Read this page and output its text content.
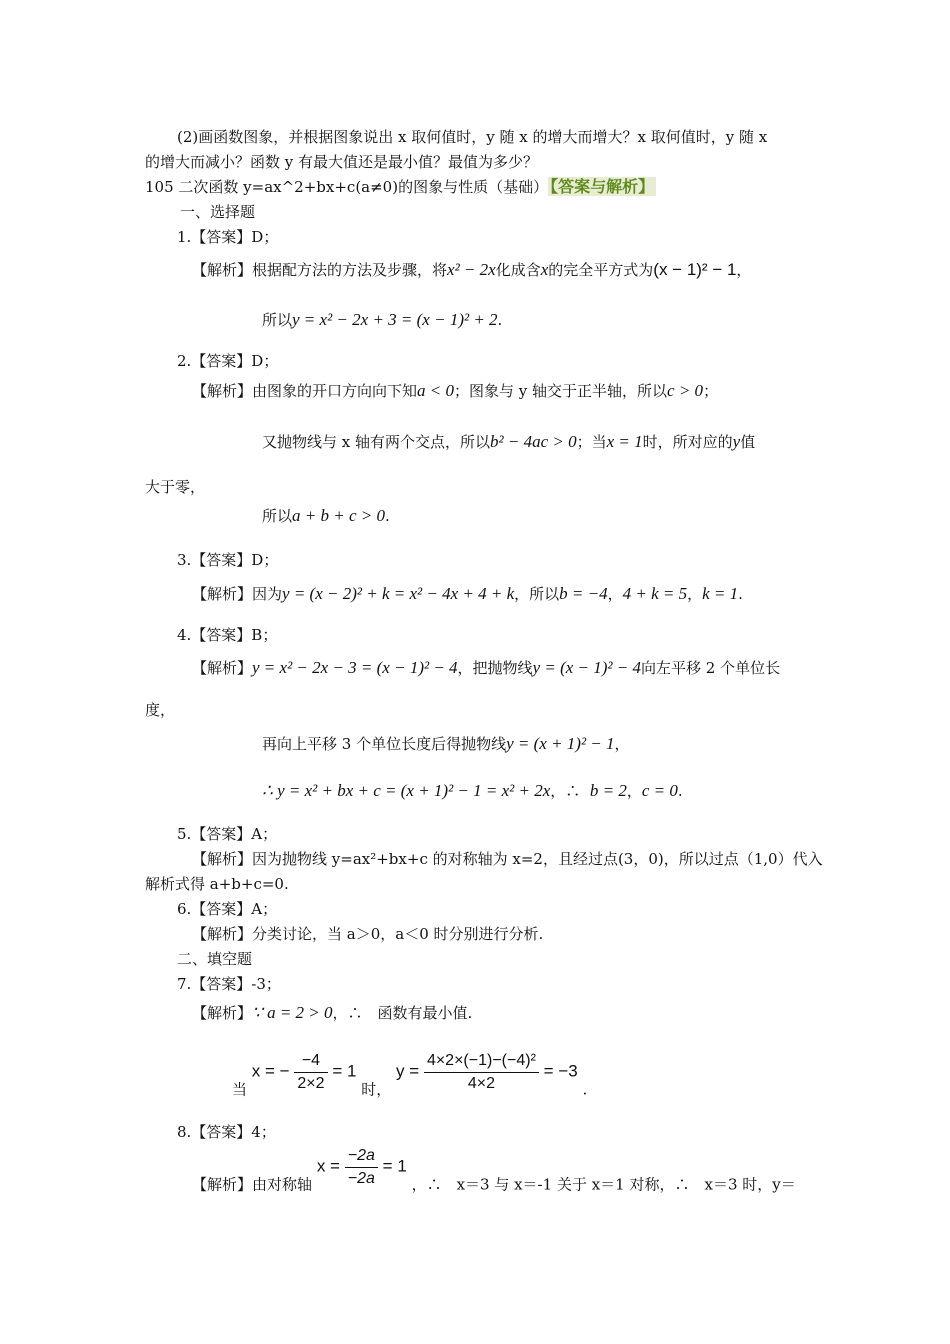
(2)画函数图象，并根据图象说出 x 取何值时，y 随 x 的增大而增大？x 取何值时，y 随 x
的增大而减小？函数 y 有最大值还是最小值？最值为多少？
105 二次函数 y=ax^2+bx+c(a≠0)的图象与性质（基础） 【答案与解析】
一、选择题
1.【答案】D；
【解析】根据配方法的方法及步骤，将x² − 2x化成含x的完全平方式为(x − 1)² − 1，
所以y = x² − 2x + 3 = (x − 1)² + 2.
2.【答案】D；
【解析】由图象的开口方向向下知a < 0；图象与 y 轴交于正半轴，所以c > 0；
又抛物线与 x 轴有两个交点，所以b² − 4ac > 0；当x = 1时，所对应的y值
大于零，
所以a + b + c > 0.
3.【答案】D；
【解析】因为y = (x − 2)² + k = x² − 4x + 4 + k，所以b = −4，4 + k = 5，k = 1.
4.【答案】B；
【解析】y = x² − 2x − 3 = (x − 1)² − 4，把抛物线y = (x − 1)² − 4向左平移 2 个单位长
度，
再向上平移 3 个单位长度后得抛物线y = (x + 1)² − 1，
∴ y = x² + bx + c = (x + 1)² − 1 = x² + 2x，∴ b = 2，c = 0.
5.【答案】A；
【解析】因为抛物线 y=ax²+bx+c 的对称轴为 x=2，且经过点(3，0)，所以过点（1,0）代入
解析式得 a+b+c=0.
6.【答案】A；
【解析】分类讨论，当 a＞0，a＜0 时分别进行分析.
二、填空题
7.【答案】-3；
【解析】∵ a = 2 > 0，∴　函数有最小值.
当 x = − $\frac{-4}{2\times 2} = 1$ 时， $y = \frac{\text{4×2×(−1)−(−4)²}}{4\times 2} = -3$ .
8.【答案】4；
【解析】由对称轴 $x = \frac{-2a}{-2a} = 1$ ，∴　x＝3 与 x＝-1 关于 x＝1 对称，∴　x＝3 时，y＝
